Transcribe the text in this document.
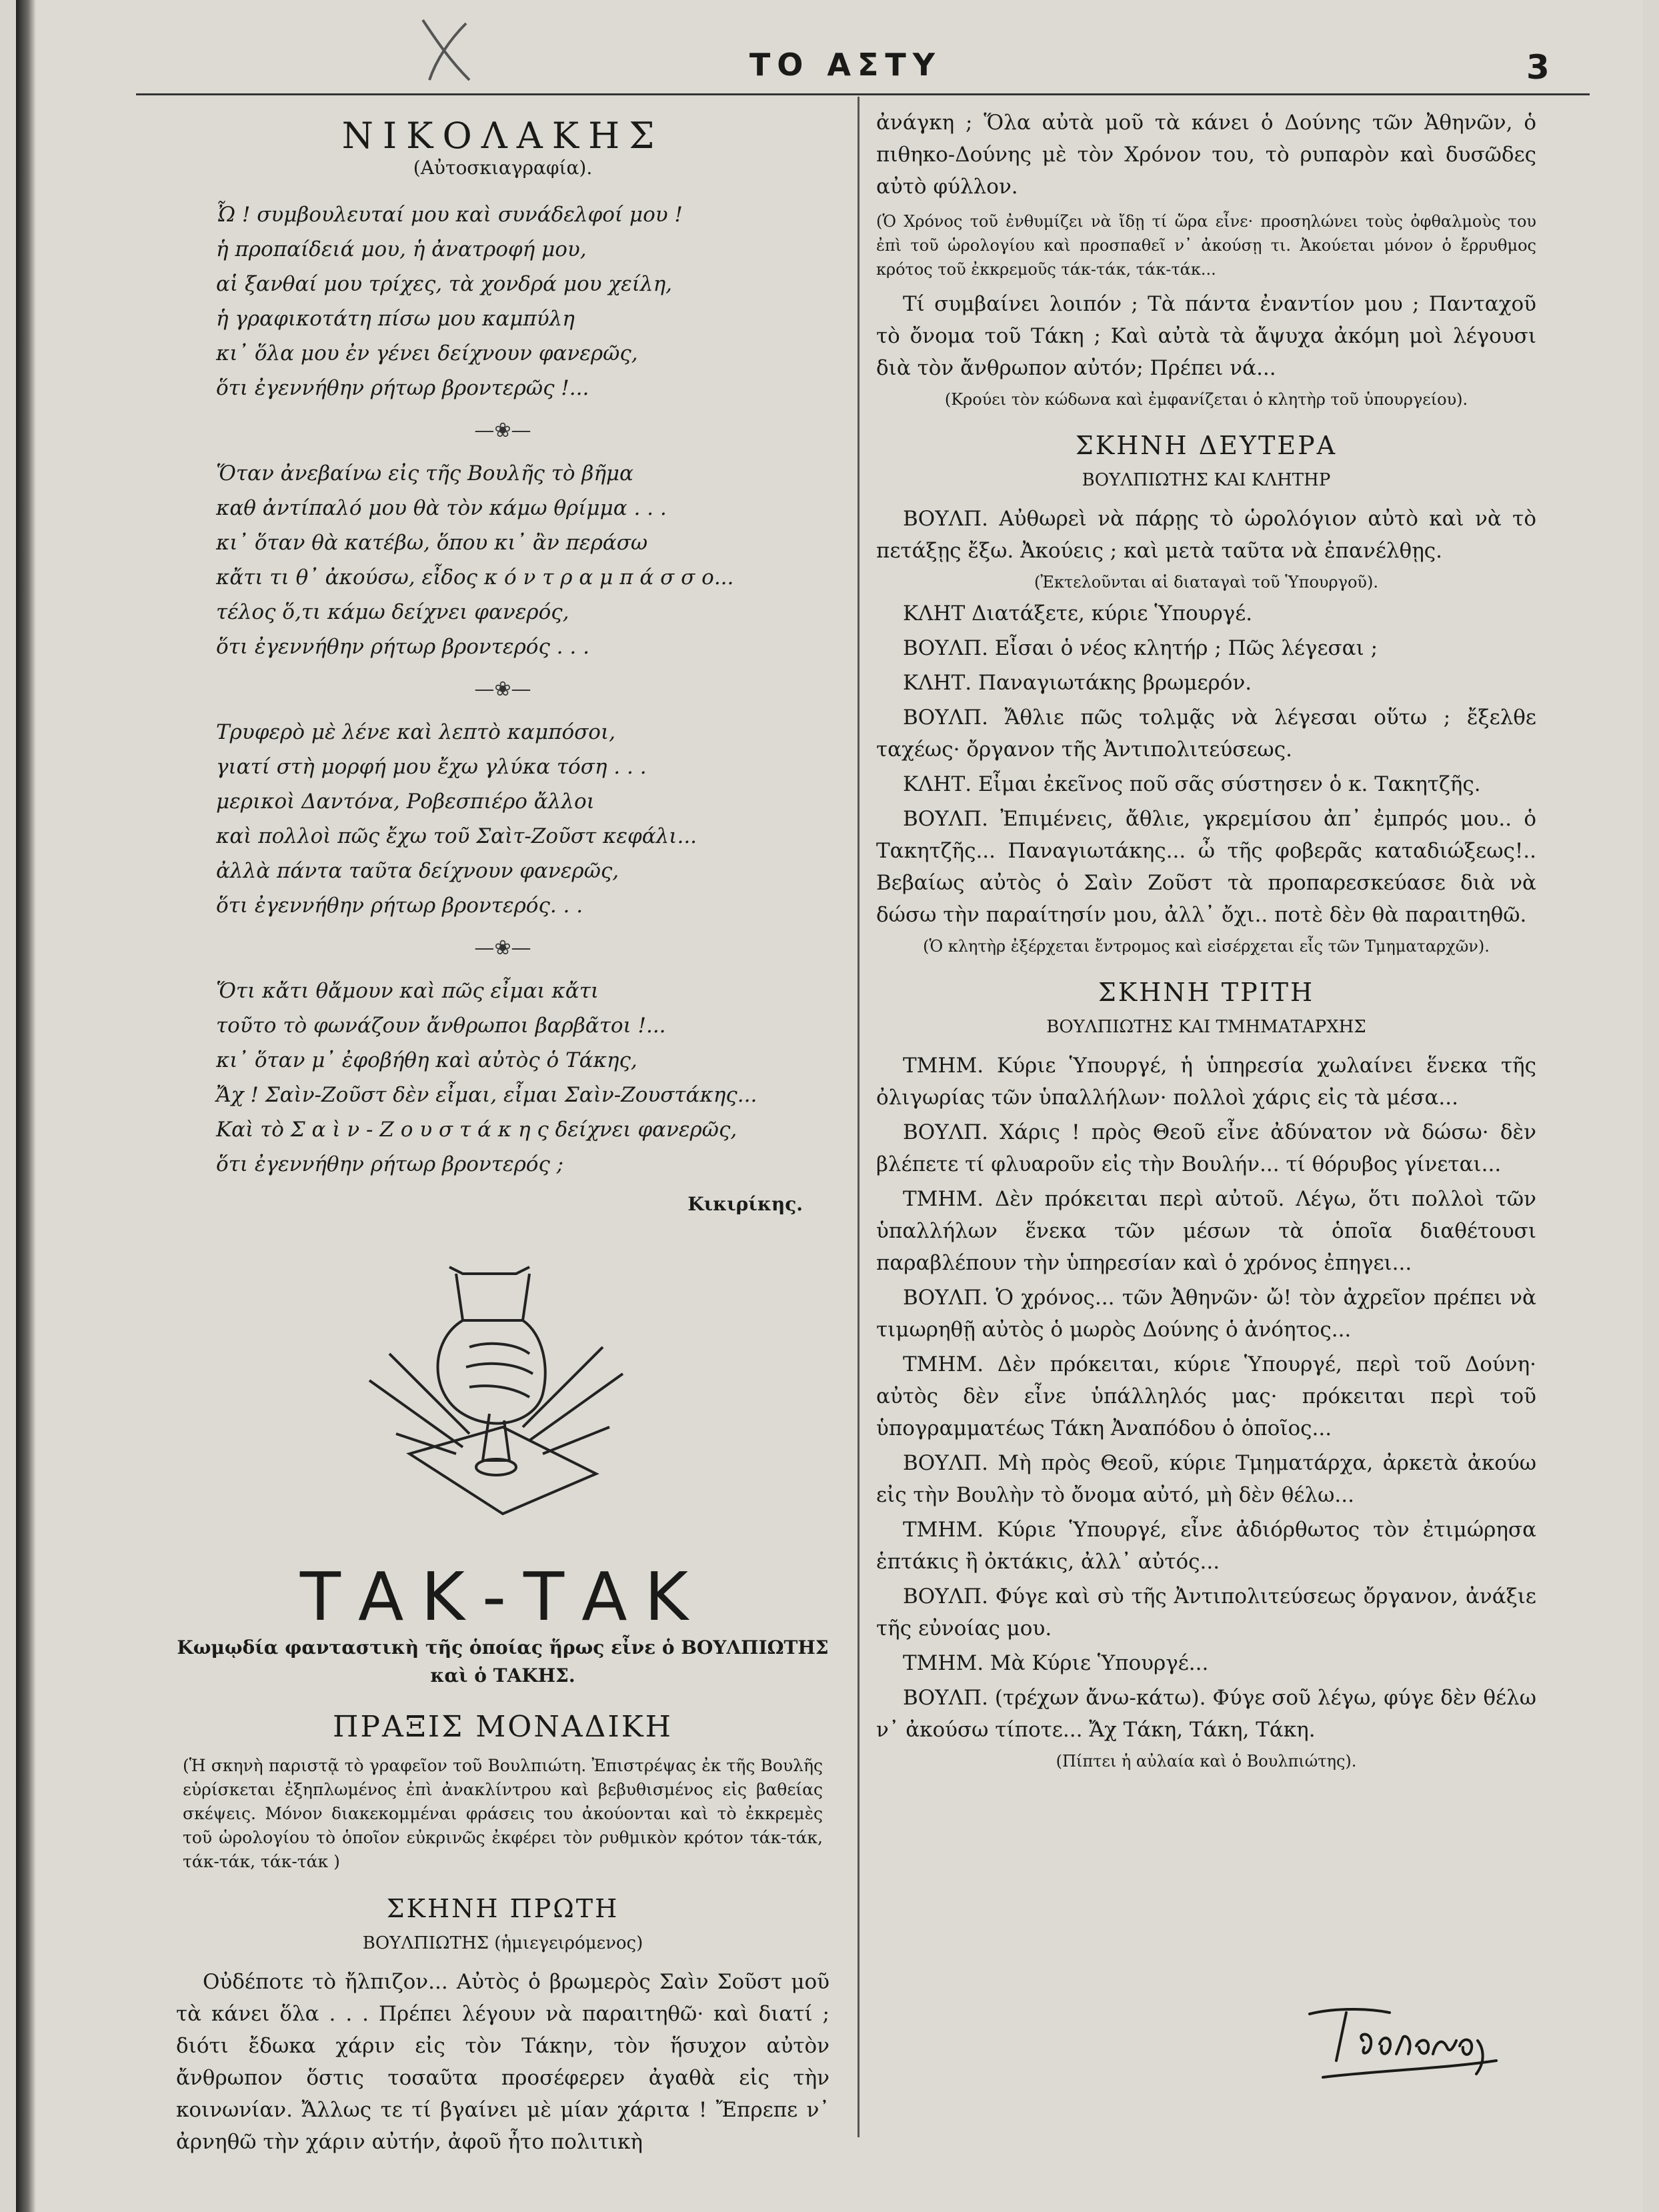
ΤΟ ΑΣΤΥ	3
ΝΙΚΟΛΑΚΗΣ
(Αὐτοσκιαγραφία).
Ὦ ! συμβουλευταί μου καὶ συνάδελφοί μου !
ἡ προπαίδειά μου, ἡ ἀνατροφή μου,
αἱ ξανθαί μου τρίχες, τὰ χονδρά μου χείλη,
ἡ γραφικοτάτη πίσω μου καμπύλη
κι᾿ ὅλα μου ἐν γένει δείχνουν φανερῶς,
ὅτι ἐγεννήθην ρήτωρ βροντερῶς !...
—❀—
Ὅταν ἀνεβαίνω εἰς τῆς Βουλῆς τὸ βῆμα
καθ ἀντίπαλό μου θὰ τὸν κάμω θρίμμα . . .
κι᾿ ὅταν θὰ κατέβω, ὅπου κι᾿ ἂν περάσω
κἄτι τι θ᾿ ἀκούσω, εἶδος κ ό ν τ ρ α μ π ά σ σ ο...
τέλος ὅ,τι κάμω δείχνει φανερός,
ὅτι ἐγεννήθην ρήτωρ βροντερός . . .
—❀—
Τρυφερὸ μὲ λένε καὶ λεπτὸ καμπόσοι,
γιατί στὴ μορφή μου ἔχω γλύκα τόση . . .
μερικοὶ Δαντόνα, Ροβεσπιέρο ἄλλοι
καὶ πολλοὶ πῶς ἔχω τοῦ Σαὶτ-Ζοῦστ κεφάλι...
ἀλλὰ πάντα ταῦτα δείχνουν φανερῶς,
ὅτι ἐγεννήθην ρήτωρ βροντερός. . .
—❀—
Ὅτι κἄτι θἄμουν καὶ πῶς εἶμαι κἄτι
τοῦτο τὸ φωνάζουν ἄνθρωποι βαρβᾶτοι !...
κι᾿ ὅταν μ᾿ ἐφοβήθη καὶ αὐτὸς ὁ Τάκης,
Ἄχ ! Σαὶν-Ζοῦστ δὲν εἶμαι, εἶμαι Σαὶν-Ζουστάκης...
Καὶ τὸ Σ α ὶ ν - Ζ ο υ σ τ ά κ η ς δείχνει φανερῶς,
ὅτι ἐγεννήθην ρήτωρ βροντερός ;
Κικιρίκης.
ΤΑΚ-ΤΑΚ
Κωμῳδία φανταστικὴ τῆς ὁποίας ἥρως εἶνε ὁ ΒΟΥΛΠΙΩΤΗΣ
καὶ ὁ ΤΑΚΗΣ.
ΠΡΑΞΙΣ ΜΟΝΑΔΙΚΗ
(Ἡ σκηνὴ παριστᾷ τὸ γραφεῖον τοῦ Βουλπιώτη. Ἐπιστρέψας ἐκ τῆς Βουλῆς εὑρίσκεται ἐξηπλωμένος ἐπὶ ἀνακλίντρου καὶ βεβυθισμένος εἰς βαθείας σκέψεις. Μόνον διακεκομμέναι φράσεις του ἀκούονται καὶ τὸ ἐκκρεμὲς τοῦ ὡρολογίου τὸ ὁποῖον εὐκρινῶς ἐκφέρει τὸν ρυθμικὸν κρότον τάκ-τάκ, τάκ-τάκ, τάκ-τάκ )
ΣΚΗΝΗ ΠΡΩΤΗ
ΒΟΥΛΠΙΩΤΗΣ (ἡμιεγειρόμενος)

Οὐδέποτε τὸ ἤλπιζον... Αὐτὸς ὁ βρωμερὸς Σαὶν Σοῦστ μοῦ τὰ κάνει ὅλα . . . Πρέπει λέγουν νὰ παραιτηθῶ· καὶ διατί ; διότι ἔδωκα χάριν εἰς τὸν Τάκην, τὸν ἥσυχον αὐτὸν ἄνθρωπον ὅστις τοσαῦτα προσέφερεν ἀγαθὰ εἰς τὴν κοινωνίαν. Ἄλλως τε τί βγαίνει μὲ μίαν χάριτα ! Ἔπρεπε ν᾿ ἀρνηθῶ τὴν χάριν αὐτήν, ἀφοῦ ἦτο πολιτικὴ

ἀνάγκη ; Ὅλα αὐτὰ μοῦ τὰ κάνει ὁ Δούνης τῶν Ἀθηνῶν, ὁ πιθηκο-Δούνης μὲ τὸν Χρόνον του, τὸ ρυπαρὸν καὶ δυσῶδες αὐτὸ φύλλον.

(Ὁ Χρόνος τοῦ ἐνθυμίζει νὰ ἴδῃ τί ὥρα εἶνε· προσηλώνει τοὺς ὀφθαλμοὺς του ἐπὶ τοῦ ὡρολογίου καὶ προσπαθεῖ ν᾿ ἀκούσῃ τι. Ἀκούεται μόνον ὁ ἔρρυθμος κρότος τοῦ ἐκκρεμοῦς τάκ-τάκ, τάκ-τάκ...

Τί συμβαίνει λοιπόν ; Τὰ πάντα ἐναντίον μου ; Πανταχοῦ τὸ ὄνομα τοῦ Τάκη ; Καὶ αὐτὰ τὰ ἄψυχα ἀκόμη μοὶ λέγουσι διὰ τὸν ἄνθρωπον αὐτόν; Πρέπει νά...

(Κρούει τὸν κώδωνα καὶ ἐμφανίζεται ὁ κλητὴρ τοῦ ὑπουργείου).
ΣΚΗΝΗ ΔΕΥΤΕΡΑ
ΒΟΥΛΠΙΩΤΗΣ ΚΑΙ ΚΛΗΤΗΡ

ΒΟΥΛΠ. Αὐθωρεὶ νὰ πάρῃς τὸ ὡρολόγιον αὐτὸ καὶ νὰ τὸ πετάξῃς ἔξω. Ἀκούεις ; καὶ μετὰ ταῦτα νὰ ἐπανέλθῃς.

(Ἐκτελοῦνται αἱ διαταγαὶ τοῦ Ὑπουργοῦ).

ΚΛΗΤ Διατάξετε, κύριε Ὑπουργέ.

ΒΟΥΛΠ. Εἶσαι ὁ νέος κλητήρ ; Πῶς λέγεσαι ;

ΚΛΗΤ. Παναγιωτάκης βρωμερόν.

ΒΟΥΛΠ. Ἄθλιε πῶς τολμᾷς νὰ λέγεσαι οὕτω ; ἔξελθε ταχέως· ὄργανον τῆς Ἀντιπολιτεύσεως.

ΚΛΗΤ. Εἶμαι ἐκεῖνος ποῦ σᾶς σύστησεν ὁ κ. Τακητζῆς.

ΒΟΥΛΠ. Ἐπιμένεις, ἄθλιε, γκρεμίσου ἀπ᾿ ἐμπρός μου.. ὁ Τακητζῆς... Παναγιωτάκης... ὦ τῆς φοβερᾶς καταδιώξεως!.. Βεβαίως αὐτὸς ὁ Σαὶν Ζοῦστ τὰ προπαρεσκεύασε διὰ νὰ δώσω τὴν παραίτησίν μου, ἀλλ᾿ ὄχι.. ποτὲ δὲν θὰ παραιτηθῶ.

(Ὁ κλητὴρ ἐξέρχεται ἔντρομος καὶ εἰσέρχεται εἷς τῶν Τμηματαρχῶν).
ΣΚΗΝΗ ΤΡΙΤΗ
ΒΟΥΛΠΙΩΤΗΣ ΚΑΙ ΤΜΗΜΑΤΑΡΧΗΣ

ΤΜΗΜ. Κύριε Ὑπουργέ, ἡ ὑπηρεσία χωλαίνει ἕνεκα τῆς ὀλιγωρίας τῶν ὑπαλλήλων· πολλοὶ χάρις εἰς τὰ μέσα...

ΒΟΥΛΠ. Χάρις ! πρὸς Θεοῦ εἶνε ἀδύνατον νὰ δώσω· δὲν βλέπετε τί φλυαροῦν εἰς τὴν Βουλήν... τί θόρυβος γίνεται...

ΤΜΗΜ. Δὲν πρόκειται περὶ αὐτοῦ. Λέγω, ὅτι πολλοὶ τῶν ὑπαλλήλων ἕνεκα τῶν μέσων τὰ ὁποῖα διαθέτουσι παραβλέπουν τὴν ὑπηρεσίαν καὶ ὁ χρόνος ἐπηγει...

ΒΟΥΛΠ. Ὁ χρόνος... τῶν Ἀθηνῶν· ὤ! τὸν ἀχρεῖον πρέπει νὰ τιμωρηθῇ αὐτὸς ὁ μωρὸς Δούνης ὁ ἀνόητος...

ΤΜΗΜ. Δὲν πρόκειται, κύριε Ὑπουργέ, περὶ τοῦ Δούνη· αὐτὸς δὲν εἶνε ὑπάλληλός μας· πρόκειται περὶ τοῦ ὑπογραμματέως Τάκη Ἀναπόδου ὁ ὁποῖος...

ΒΟΥΛΠ. Μὴ πρὸς Θεοῦ, κύριε Τμηματάρχα, ἀρκετὰ ἀκούω εἰς τὴν Βουλὴν τὸ ὄνομα αὐτό, μὴ δὲν θέλω...

ΤΜΗΜ. Κύριε Ὑπουργέ, εἶνε ἀδιόρθωτος τὸν ἐτιμώρησα ἑπτάκις ἢ ὀκτάκις, ἀλλ᾿ αὐτός...

ΒΟΥΛΠ. Φύγε καὶ σὺ τῆς Ἀντιπολιτεύσεως ὄργανον, ἀνάξιε τῆς εὐνοίας μου.

ΤΜΗΜ. Μὰ Κύριε Ὑπουργέ...

ΒΟΥΛΠ. (τρέχων ἄνω-κάτω). Φύγε σοῦ λέγω, φύγε δὲν θέλω ν᾿ ἀκούσω τίποτε... Ἄχ Τάκη, Τάκη, Τάκη.

(Πίπτει ἡ αὐλαία καὶ ὁ Βουλπιώτης).
